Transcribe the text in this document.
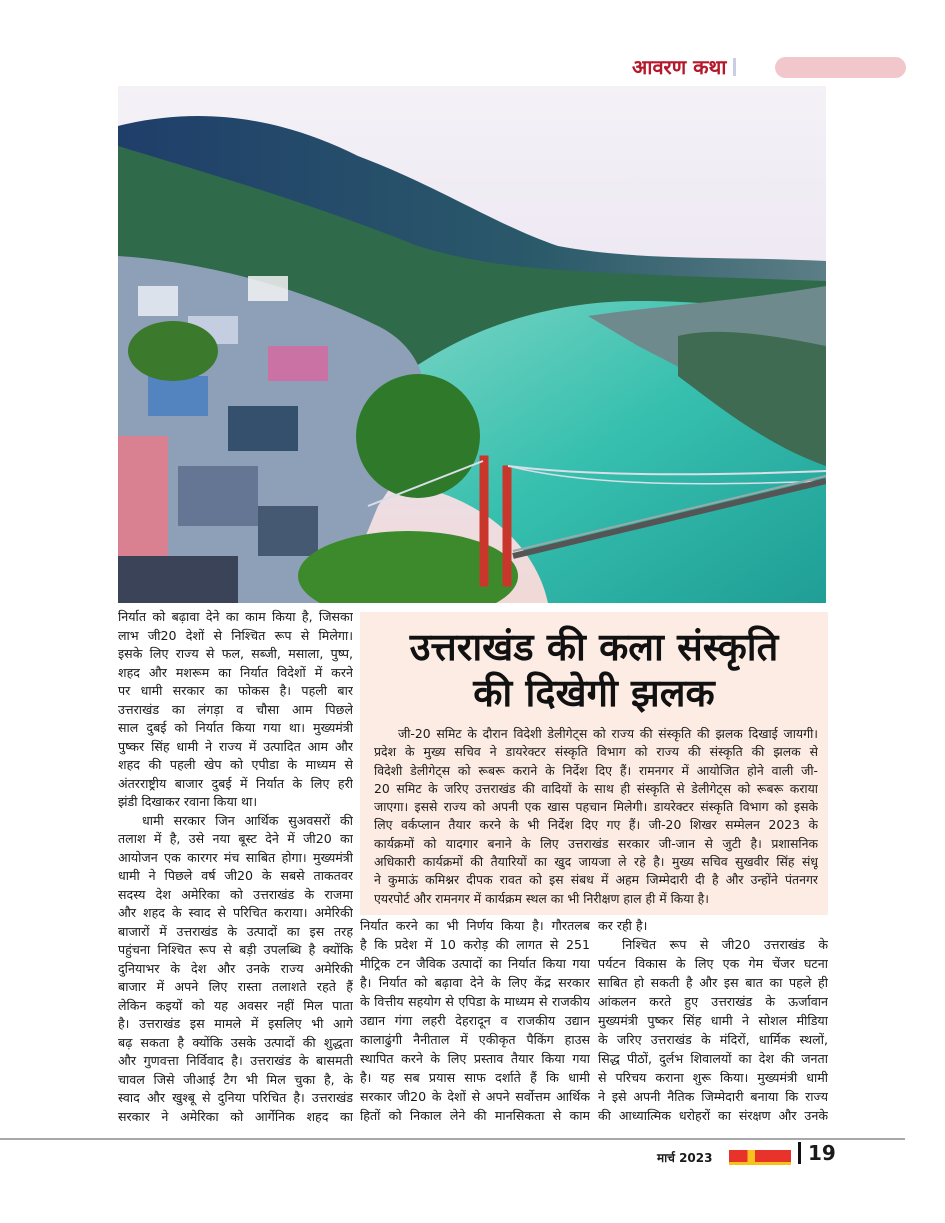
आवरण कथा
निर्यात को बढ़ावा देने का काम किया है, जिसका
लाभ जी20 देशों से निश्चित रूप से मिलेगा।
इसके लिए राज्य से फल, सब्जी, मसाला, पुष्प,
शहद और मशरूम का निर्यात विदेशों में करने
पर धामी सरकार का फोकस है। पहली बार
उत्तराखंड का लंगड़ा व चौसा आम पिछले
साल दुबई को निर्यात किया गया था। मुख्यमंत्री
पुष्कर सिंह धामी ने राज्य में उत्पादित आम और
शहद की पहली खेप को एपीडा के माध्यम से
अंतरराष्ट्रीय बाजार दुबई में निर्यात के लिए हरी
झंडी दिखाकर रवाना किया था।
धामी सरकार जिन आर्थिक सुअवसरों की
तलाश में है, उसे नया बूस्ट देने में जी20 का
आयोजन एक कारगर मंच साबित होगा। मुख्यमंत्री
धामी ने पिछले वर्ष जी20 के सबसे ताकतवर
सदस्य देश अमेरिका को उत्तराखंड के राजमा
और शहद के स्वाद से परिचित कराया। अमेरिकी
बाजारों में उत्तराखंड के उत्पादों का इस तरह
पहुंचना निश्चित रूप से बड़ी उपलब्धि है क्योंकि
दुनियाभर के देश और उनके राज्य अमेरिकी
बाजार में अपने लिए रास्ता तलाशते रहते हैं
लेकिन कइयों को यह अवसर नहीं मिल पाता
है। उत्तराखंड इस मामले में इसलिए भी आगे
बढ़ सकता है क्योंकि उसके उत्पादों की शुद्धता
और गुणवत्ता निर्विवाद है। उत्तराखंड के बासमती
चावल जिसे जीआई टैग भी मिल चुका है, के
स्वाद और खुश्बू से दुनिया परिचित है। उत्तराखंड
सरकार ने अमेरिका को आर्गेनिक शहद का
उत्तराखंड की कला संस्कृति
की दिखेगी झलक
जी-20 समिट के दौरान विदेशी डेलीगेट्स को राज्य की संस्कृति की झलक दिखाई जायगी।
प्रदेश के मुख्य सचिव ने डायरेक्टर संस्कृति विभाग को राज्य की संस्कृति की झलक से
विदेशी डेलीगेट्स को रूबरू कराने के निर्देश दिए हैं। रामनगर में आयोजित होने वाली जी-
20 समिट के जरिए उत्तराखंड की वादियों के साथ ही संस्कृति से डेलीगेट्स को रूबरू कराया
जाएगा। इससे राज्य को अपनी एक खास पहचान मिलेगी। डायरेक्टर संस्कृति विभाग को इसके
लिए वर्कप्लान तैयार करने के भी निर्देश दिए गए हैं। जी-20 शिखर सम्मेलन 2023 के
कार्यक्रमों को यादगार बनाने के लिए उत्तराखंड सरकार जी-जान से जुटी है। प्रशासनिक
अधिकारी कार्यक्रमों की तैयारियों का खुद जायजा ले रहे है। मुख्य सचिव सुखवीर सिंह संधू
ने कुमाऊं कमिश्नर दीपक रावत को इस संबध में अहम जिम्मेदारी दी है और उन्होंने पंतनगर
एयरपोर्ट और रामनगर में कार्यक्रम स्थल का भी निरीक्षण हाल ही में किया है।
निर्यात करने का भी निर्णय किया है। गौरतलब
है कि प्रदेश में 10 करोड़ की लागत से 251
मीट्रिक टन जैविक उत्पादों का निर्यात किया गया
है। निर्यात को बढ़ावा देने के लिए केंद्र सरकार
के वित्तीय सहयोग से एपिडा के माध्यम से राजकीय
उद्यान गंगा लहरी देहरादून व राजकीय उद्यान
कालाढुंगी नैनीताल में एकीकृत पैकिंग हाउस
स्थापित करने के लिए प्रस्ताव तैयार किया गया
है। यह सब प्रयास साफ दर्शाते हैं कि धामी
सरकार जी20 के देशों से अपने सर्वोत्तम आर्थिक
हितों को निकाल लेने की मानसिकता से काम
कर रही है।
निश्चित रूप से जी20 उत्तराखंड के
पर्यटन विकास के लिए एक गेम चेंजर घटना
साबित हो सकती है और इस बात का पहले ही
आंकलन करते हुए उत्तराखंड के ऊर्जावान
मुख्यमंत्री पुष्कर सिंह धामी ने सोशल मीडिया
के जरिए उत्तराखंड के मंदिरों, धार्मिक स्थलों,
सिद्ध पीठों, दुर्लभ शिवालयों का देश की जनता
से परिचय कराना शुरू किया। मुख्यमंत्री धामी
ने इसे अपनी नैतिक जिम्मेदारी बनाया कि राज्य
की आध्यात्मिक धरोहरों का संरक्षण और उनके
मार्च 2023	19
